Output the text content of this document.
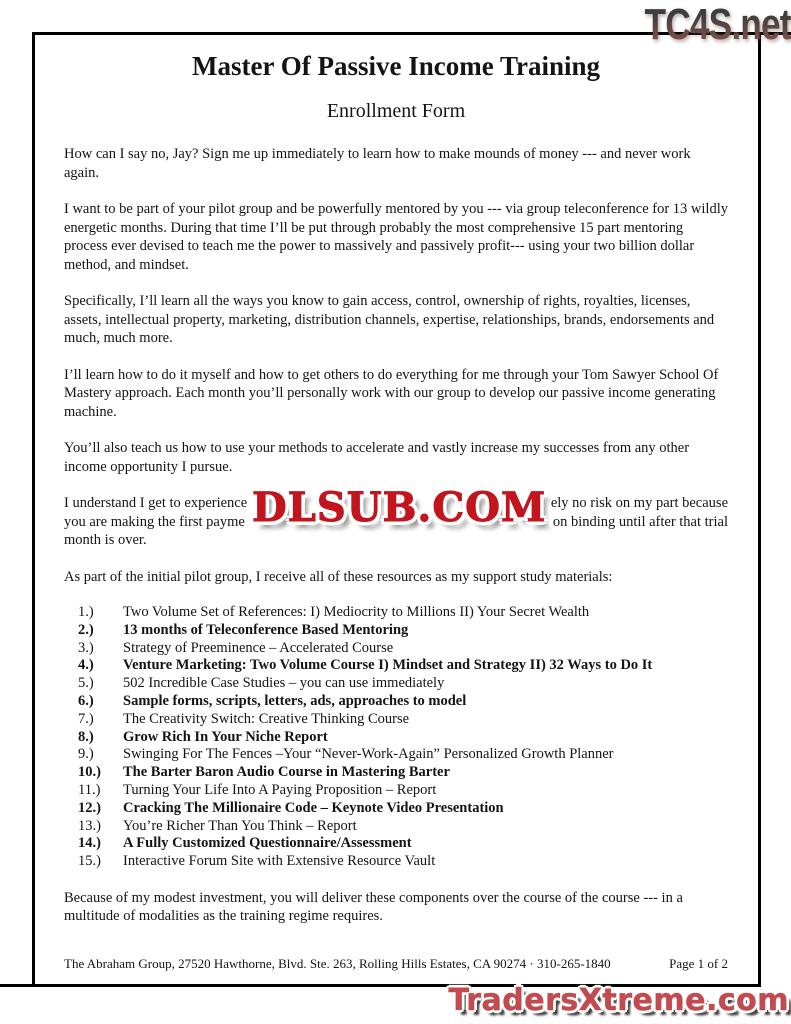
Master Of Passive Income Training
Enrollment Form

How can I say no, Jay? Sign me up immediately to learn how to make mounds of money --- and never work again.

I want to be part of your pilot group and be powerfully mentored by you --- via group teleconference for 13 wildly energetic months. During that time I’ll be put through probably the most comprehensive 15 part mentoring process ever devised to teach me the power to massively and passively profit--- using your two billion dollar method, and mindset.

Specifically, I’ll learn all the ways you know to gain access, control, ownership of rights, royalties, licenses, assets, intellectual property, marketing, distribution channels, expertise, relationships, brands, endorsements and much, much more.

I’ll learn how to do it myself and how to get others to do everything for me through your Tom Sawyer School Of Mastery approach. Each month you’ll personally work with our group to develop our passive income generating machine.

You’ll also teach us how to use your methods to accelerate and vastly increase my successes from any other income opportunity I pursue.

I understand I get to experience	ely no risk on my part because
you are making the first payme	on binding until after that trial
month is over.

As part of the initial pilot group, I receive all of these resources as my support study materials:

1.)	Two Volume Set of References: I) Mediocrity to Millions II) Your Secret Wealth
2.)	13 months of Teleconference Based Mentoring
3.)	Strategy of Preeminence – Accelerated Course
4.)	Venture Marketing: Two Volume Course I) Mindset and Strategy II) 32 Ways to Do It
5.)	502 Incredible Case Studies – you can use immediately
6.)	Sample forms, scripts, letters, ads, approaches to model
7.)	The Creativity Switch: Creative Thinking Course
8.)	Grow Rich In Your Niche Report
9.)	Swinging For The Fences –Your “Never-Work-Again” Personalized Growth Planner
10.)	The Barter Baron Audio Course in Mastering Barter
11.)	Turning Your Life Into A Paying Proposition – Report
12.)	Cracking The Millionaire Code – Keynote Video Presentation
13.)	You’re Richer Than You Think – Report
14.)	A Fully Customized Questionnaire/Assessment
15.)	Interactive Forum Site with Extensive Resource Vault

Because of my modest investment, you will deliver these components over the course of the course --- in a multitude of modalities as the training regime requires.

The Abraham Group, 27520 Hawthorne, Blvd. Ste. 263, Rolling Hills Estates, CA 90274 · 310-265-1840	Page 1 of 2
TC4S.net
DLSUB.COM
TradersXtreme.com
